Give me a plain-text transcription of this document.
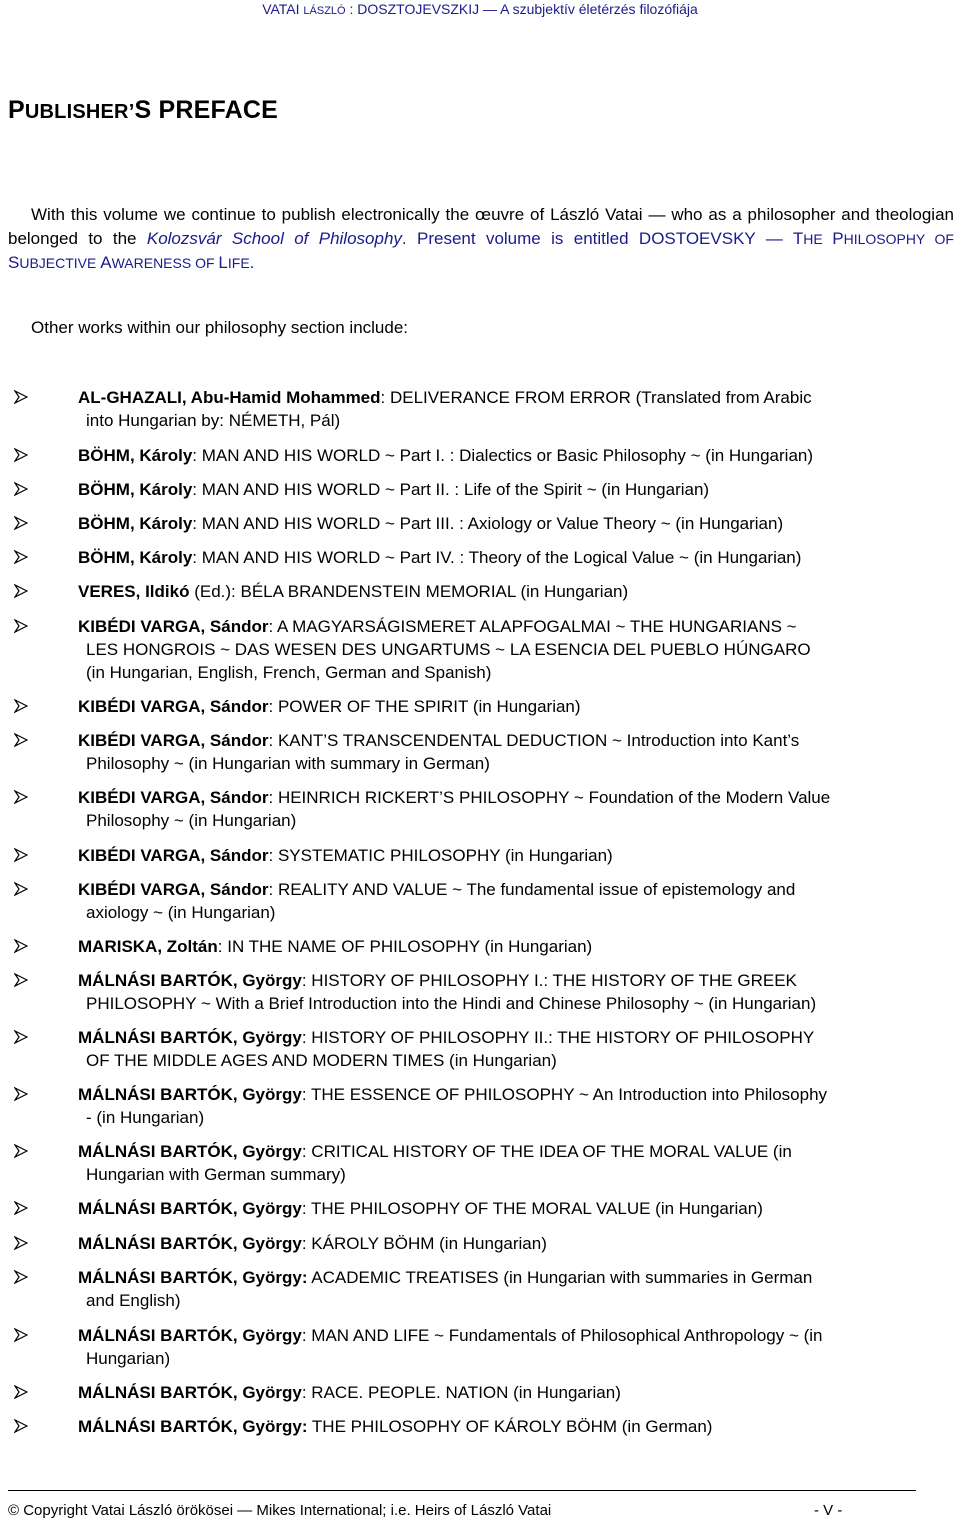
VATAI LÁSZLÓ : DOSZTOJEVSZKIJ — A szubjektív életérzés filozófiája
PUBLISHER’S PREFACE

With this volume we continue to publish electronically the œuvre of László Vatai — who as a philosopher and theologian belonged to the Kolozsvár School of Philosophy. Present volume is entitled DOSTOEVSKY — THE PHILOSOPHY OF SUBJECTIVE AWARENESS OF LIFE.

Other works within our philosophy section include:

AL-GHAZALI, Abu-Hamid Mohammed: DELIVERANCE FROM ERROR (Translated from Arabic
into Hungarian by: NÉMETH, Pál)
BÖHM, Károly: MAN AND HIS WORLD ~ Part I. : Dialectics or Basic Philosophy ~ (in Hungarian)
BÖHM, Károly: MAN AND HIS WORLD ~ Part II. : Life of the Spirit ~ (in Hungarian)
BÖHM, Károly: MAN AND HIS WORLD ~ Part III. : Axiology or Value Theory ~ (in Hungarian)
BÖHM, Károly: MAN AND HIS WORLD ~ Part IV. : Theory of the Logical Value ~ (in Hungarian)
VERES, Ildikó (Ed.): BÉLA BRANDENSTEIN MEMORIAL (in Hungarian)
KIBÉDI VARGA, Sándor: A MAGYARSÁGISMERET ALAPFOGALMAI ~ THE HUNGARIANS ~
LES HONGROIS ~ DAS WESEN DES UNGARTUMS ~ LA ESENCIA DEL PUEBLO HÚNGARO
(in Hungarian, English, French, German and Spanish)
KIBÉDI VARGA, Sándor: POWER OF THE SPIRIT (in Hungarian)
KIBÉDI VARGA, Sándor: KANT’S TRANSCENDENTAL DEDUCTION ~ Introduction into Kant’s
Philosophy ~ (in Hungarian with summary in German)
KIBÉDI VARGA, Sándor: HEINRICH RICKERT’S PHILOSOPHY ~ Foundation of the Modern Value
Philosophy ~ (in Hungarian)
KIBÉDI VARGA, Sándor: SYSTEMATIC PHILOSOPHY (in Hungarian)
KIBÉDI VARGA, Sándor: REALITY AND VALUE ~ The fundamental issue of epistemology and
axiology ~ (in Hungarian)
MARISKA, Zoltán: IN THE NAME OF PHILOSOPHY (in Hungarian)
MÁLNÁSI BARTÓK, György: HISTORY OF PHILOSOPHY I.: THE HISTORY OF THE GREEK
PHILOSOPHY ~ With a Brief Introduction into the Hindi and Chinese Philosophy ~ (in Hungarian)
MÁLNÁSI BARTÓK, György: HISTORY OF PHILOSOPHY II.: THE HISTORY OF PHILOSOPHY
OF THE MIDDLE AGES AND MODERN TIMES (in Hungarian)
MÁLNÁSI BARTÓK, György: THE ESSENCE OF PHILOSOPHY ~ An Introduction into Philosophy
- (in Hungarian)
MÁLNÁSI BARTÓK, György: CRITICAL HISTORY OF THE IDEA OF THE MORAL VALUE (in
Hungarian with German summary)
MÁLNÁSI BARTÓK, György: THE PHILOSOPHY OF THE MORAL VALUE (in Hungarian)
MÁLNÁSI BARTÓK, György: KÁROLY BÖHM (in Hungarian)
MÁLNÁSI BARTÓK, György: ACADEMIC TREATISES (in Hungarian with summaries in German
and English)
MÁLNÁSI BARTÓK, György: MAN AND LIFE ~ Fundamentals of Philosophical Anthropology ~ (in
Hungarian)
MÁLNÁSI BARTÓK, György: RACE. PEOPLE. NATION (in Hungarian)
MÁLNÁSI BARTÓK, György: THE PHILOSOPHY OF KÁROLY BÖHM (in German)
© Copyright Vatai László örökösei — Mikes International; i.e. Heirs of László Vatai	- V -
